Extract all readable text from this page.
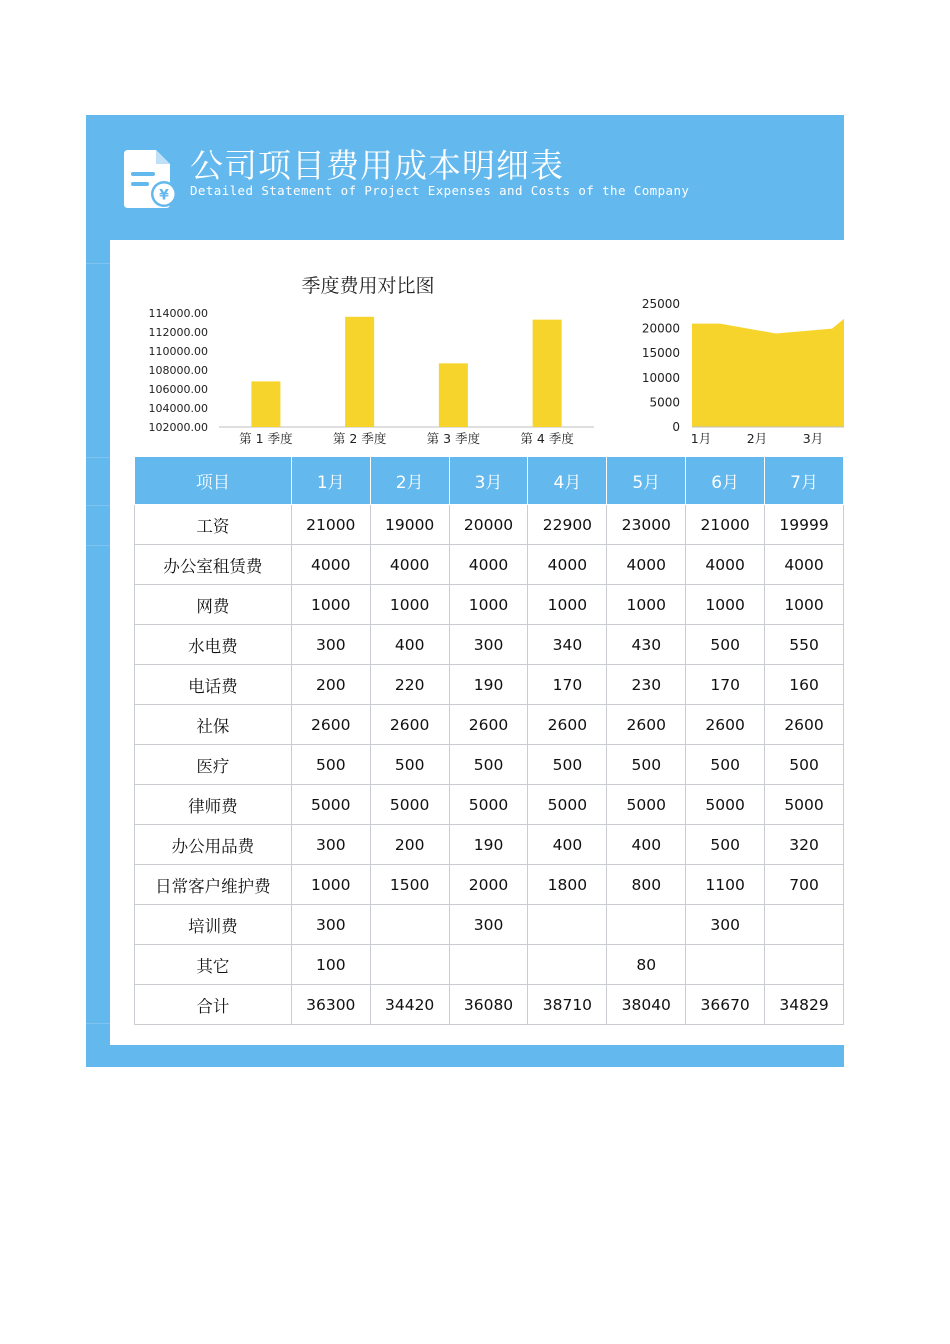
¥
公司项目费用成本明细表
Detailed Statement of Project Expenses and Costs of the Company
季度费用对比图
102000.00
104000.00
106000.00
108000.00
110000.00
112000.00
114000.00
第 1 季度	第 2 季度	第 3 季度	第 4 季度
0
5000
10000
15000
20000
25000
1月	2月	3月
项目	1月	2月	3月	4月	5月	6月	7月
工资	21000	19000	20000	22900	23000	21000	19999
办公室租赁费	4000	4000	4000	4000	4000	4000	4000
网费	1000	1000	1000	1000	1000	1000	1000
水电费	300	400	300	340	430	500	550
电话费	200	220	190	170	230	170	160
社保	2600	2600	2600	2600	2600	2600	2600
医疗	500	500	500	500	500	500	500
律师费	5000	5000	5000	5000	5000	5000	5000
办公用品费	300	200	190	400	400	500	320
日常客户维护费	1000	1500	2000	1800	800	1100	700
培训费	300		300			300	
其它	100				80		
合计	36300	34420	36080	38710	38040	36670	34829
